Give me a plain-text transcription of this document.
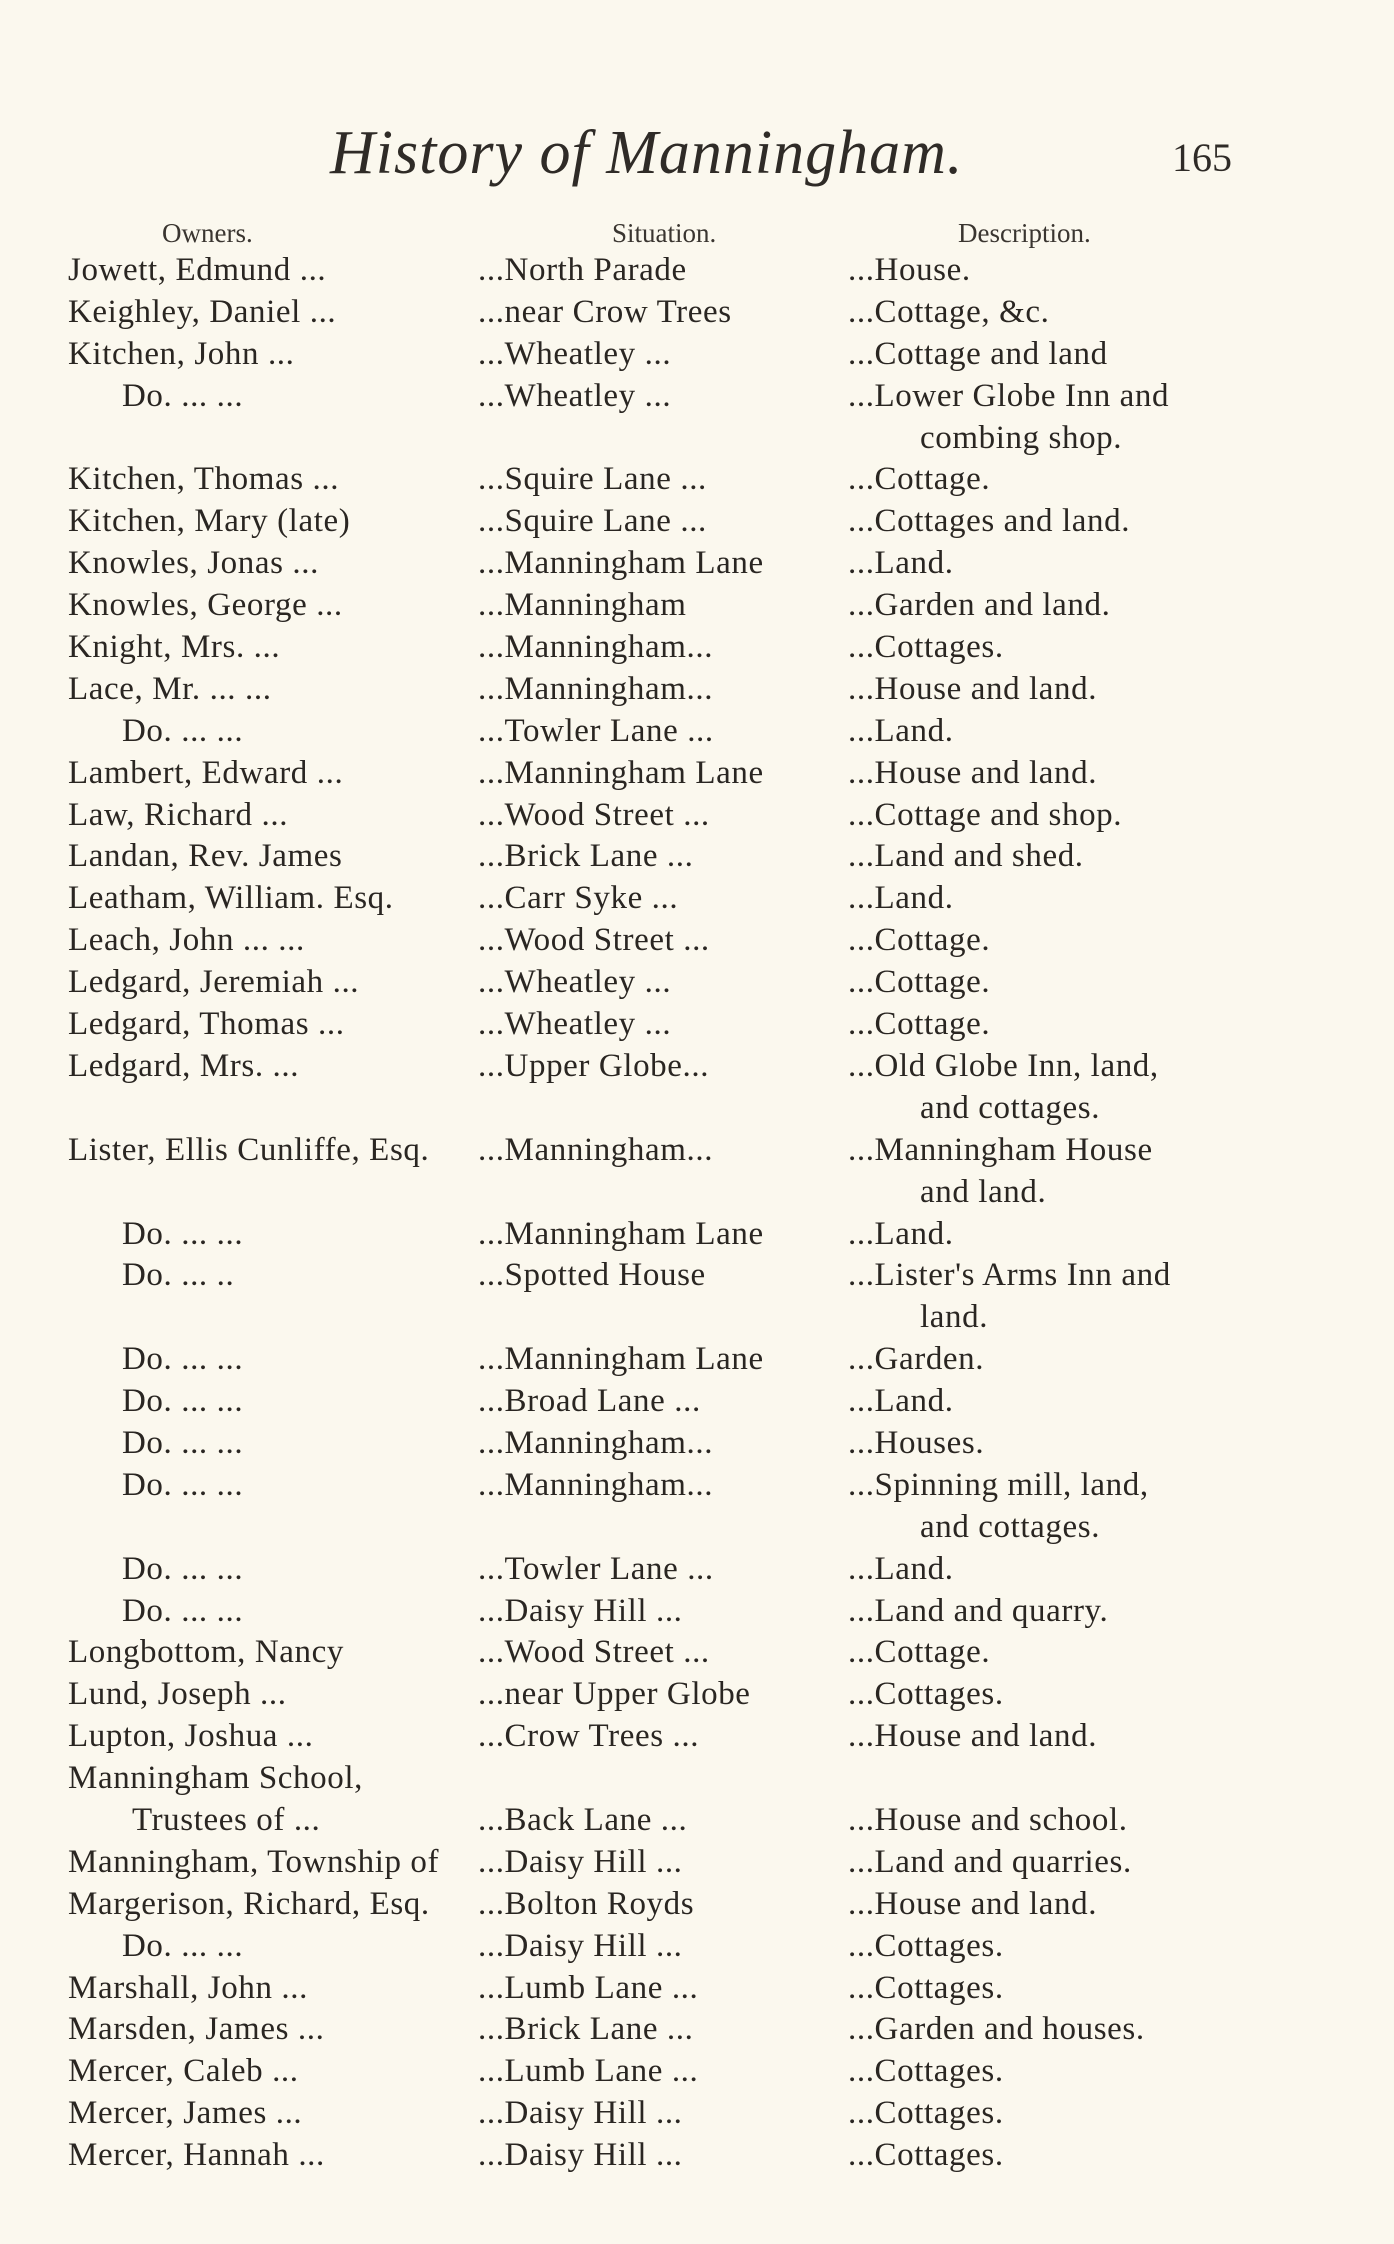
History of Manningham.	165
Owners.	Situation.	Description.
Jowett, Edmund ...	...North Parade	...House.
Keighley, Daniel ...	...near Crow Trees	...Cottage, &c.
Kitchen, John ...	...Wheatley ...	...Cottage and land
Do. ... ...	...Wheatley ...	...Lower Globe Inn and
combing shop.
Kitchen, Thomas ...	...Squire Lane ...	...Cottage.
Kitchen, Mary (late)	...Squire Lane ...	...Cottages and land.
Knowles, Jonas ...	...Manningham Lane	...Land.
Knowles, George ...	...Manningham	...Garden and land.
Knight, Mrs. ...	...Manningham...	...Cottages.
Lace, Mr. ... ...	...Manningham...	...House and land.
Do. ... ...	...Towler Lane ...	...Land.
Lambert, Edward ...	...Manningham Lane	...House and land.
Law, Richard ...	...Wood Street ...	...Cottage and shop.
Landan, Rev. James	...Brick Lane ...	...Land and shed.
Leatham, William. Esq.	...Carr Syke ...	...Land.
Leach, John ... ...	...Wood Street ...	...Cottage.
Ledgard, Jeremiah ...	...Wheatley ...	...Cottage.
Ledgard, Thomas ...	...Wheatley ...	...Cottage.
Ledgard, Mrs. ...	...Upper Globe...	...Old Globe Inn, land,
and cottages.
Lister, Ellis Cunliffe, Esq. ...Manningham...	...Manningham House
and land.
Do. ... ...	...Manningham Lane	...Land.
Do. ... ..	...Spotted House	...Lister's Arms Inn and
land.
Do. ... ...	...Manningham Lane	...Garden.
Do. ... ...	...Broad Lane ...	...Land.
Do. ... ...	...Manningham...	...Houses.
Do. ... ...	...Manningham...	...Spinning mill, land,
and cottages.
Do. ... ...	...Towler Lane ...	...Land.
Do. ... ...	...Daisy Hill ...	...Land and quarry.
Longbottom, Nancy	...Wood Street ...	...Cottage.
Lund, Joseph ...	...near Upper Globe	...Cottages.
Lupton, Joshua ...	...Crow Trees ...	...House and land.
Manningham School,
Trustees of ...	...Back Lane ...	...House and school.
Manningham, Township of ...Daisy Hill ...	...Land and quarries.
Margerison, Richard, Esq. ...Bolton Royds	...House and land.
Do. ... ...	...Daisy Hill ...	...Cottages.
Marshall, John ...	...Lumb Lane ...	...Cottages.
Marsden, James ...	...Brick Lane ...	...Garden and houses.
Mercer, Caleb ...	...Lumb Lane ...	...Cottages.
Mercer, James ...	...Daisy Hill ...	...Cottages.
Mercer, Hannah ...	...Daisy Hill ...	...Cottages.
